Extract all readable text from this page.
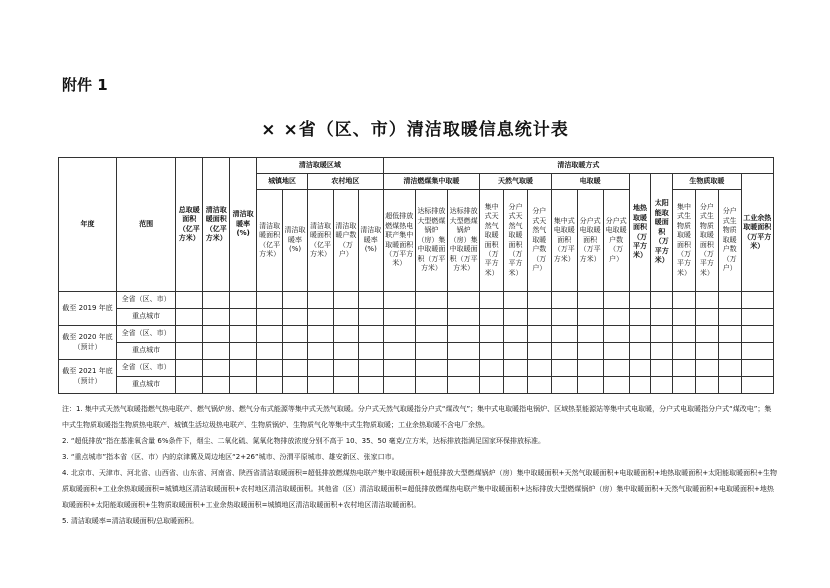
附件 1
× ×省（区、市）清洁取暖信息统计表
年度	范围	总取暖面积（亿平方米）	清洁取暖面积（亿平方米）	清洁取暖率(%)	清洁取暖区域					清洁取暖方式														
					城镇地区		农村地区			清洁燃煤集中取暖			天然气取暖			电取暖			地热取暖面积（万平方米）	太阳能取暖面积（万平方米）	生物质取暖			工业余热取暖面积（万平方米）
					清洁取暖面积（亿平方米）	清洁取暖率(%)	清洁取暖面积（亿平方米）	清洁取暖户数（万户）	清洁取暖率(%)	超低排放燃煤热电联产集中取暖面积（万平方米）	达标排放大型燃煤锅炉（房）集中取暖面积（万平方米）	达标排放大型燃煤锅炉（房）集中取暖面积（万平方米）	集中式天然气取暖面积（万平方米）	分户式天然气取暖面积（万平方米）	分户式天然气取暖户数（万户）	集中式电取暖面积（万平方米）	分户式电取暖面积（万平方米）	分户式电取暖户数（万户）			集中式生物质取暖面积（万平方米）	分户式生物质取暖面积（万平方米）	分户式生物质取暖户数（万户）	
截至 2019 年底	全省（区、市）																							
	重点城市																							
截至 2020 年底（预计）	全省（区、市）																							
	重点城市																							
截至 2021 年底（预计）	全省（区、市）																							
	重点城市																							
注：1. 集中式天然气取暖指燃气热电联产、燃气锅炉房、燃气分布式能源等集中式天然气取暖。分户式天然气取暖指分户式“煤改气”；集中式电取暖指电锅炉、区域热泵能源站等集中式电取暖，分户式电取暖指分户式“煤改电”；集中式生物质取暖指生物质热电联产、城镇生活垃圾热电联产、生物质锅炉、生物质气化等集中式生物质取暖；工业余热取暖不含电厂余热。
2. “超低排放”指在基准氧含量 6%条件下，烟尘、二氧化硫、氮氧化物排放浓度分别不高于 10、35、50 毫克/立方米，达标排放指满足国家环保排放标准。
3. “重点城市”指本省（区、市）内的京津冀及周边地区“2+26”城市、汾渭平原城市、雄安新区、张家口市。
4. 北京市、天津市、河北省、山西省、山东省、河南省、陕西省清洁取暖面积=超低排放燃煤热电联产集中取暖面积+超低排放大型燃煤锅炉（房）集中取暖面积+天然气取暖面积+电取暖面积+地热取暖面积+太阳能取暖面积+生物质取暖面积+工业余热取暖面积=城镇地区清洁取暖面积+农村地区清洁取暖面积。其他省（区）清洁取暖面积=超低排放燃煤热电联产集中取暖面积+达标排放大型燃煤锅炉（房）集中取暖面积+天然气取暖面积+电取暖面积+地热取暖面积+太阳能取暖面积+生物质取暖面积+工业余热取暖面积=城镇地区清洁取暖面积+农村地区清洁取暖面积。
5. 清洁取暖率=清洁取暖面积/总取暖面积。
